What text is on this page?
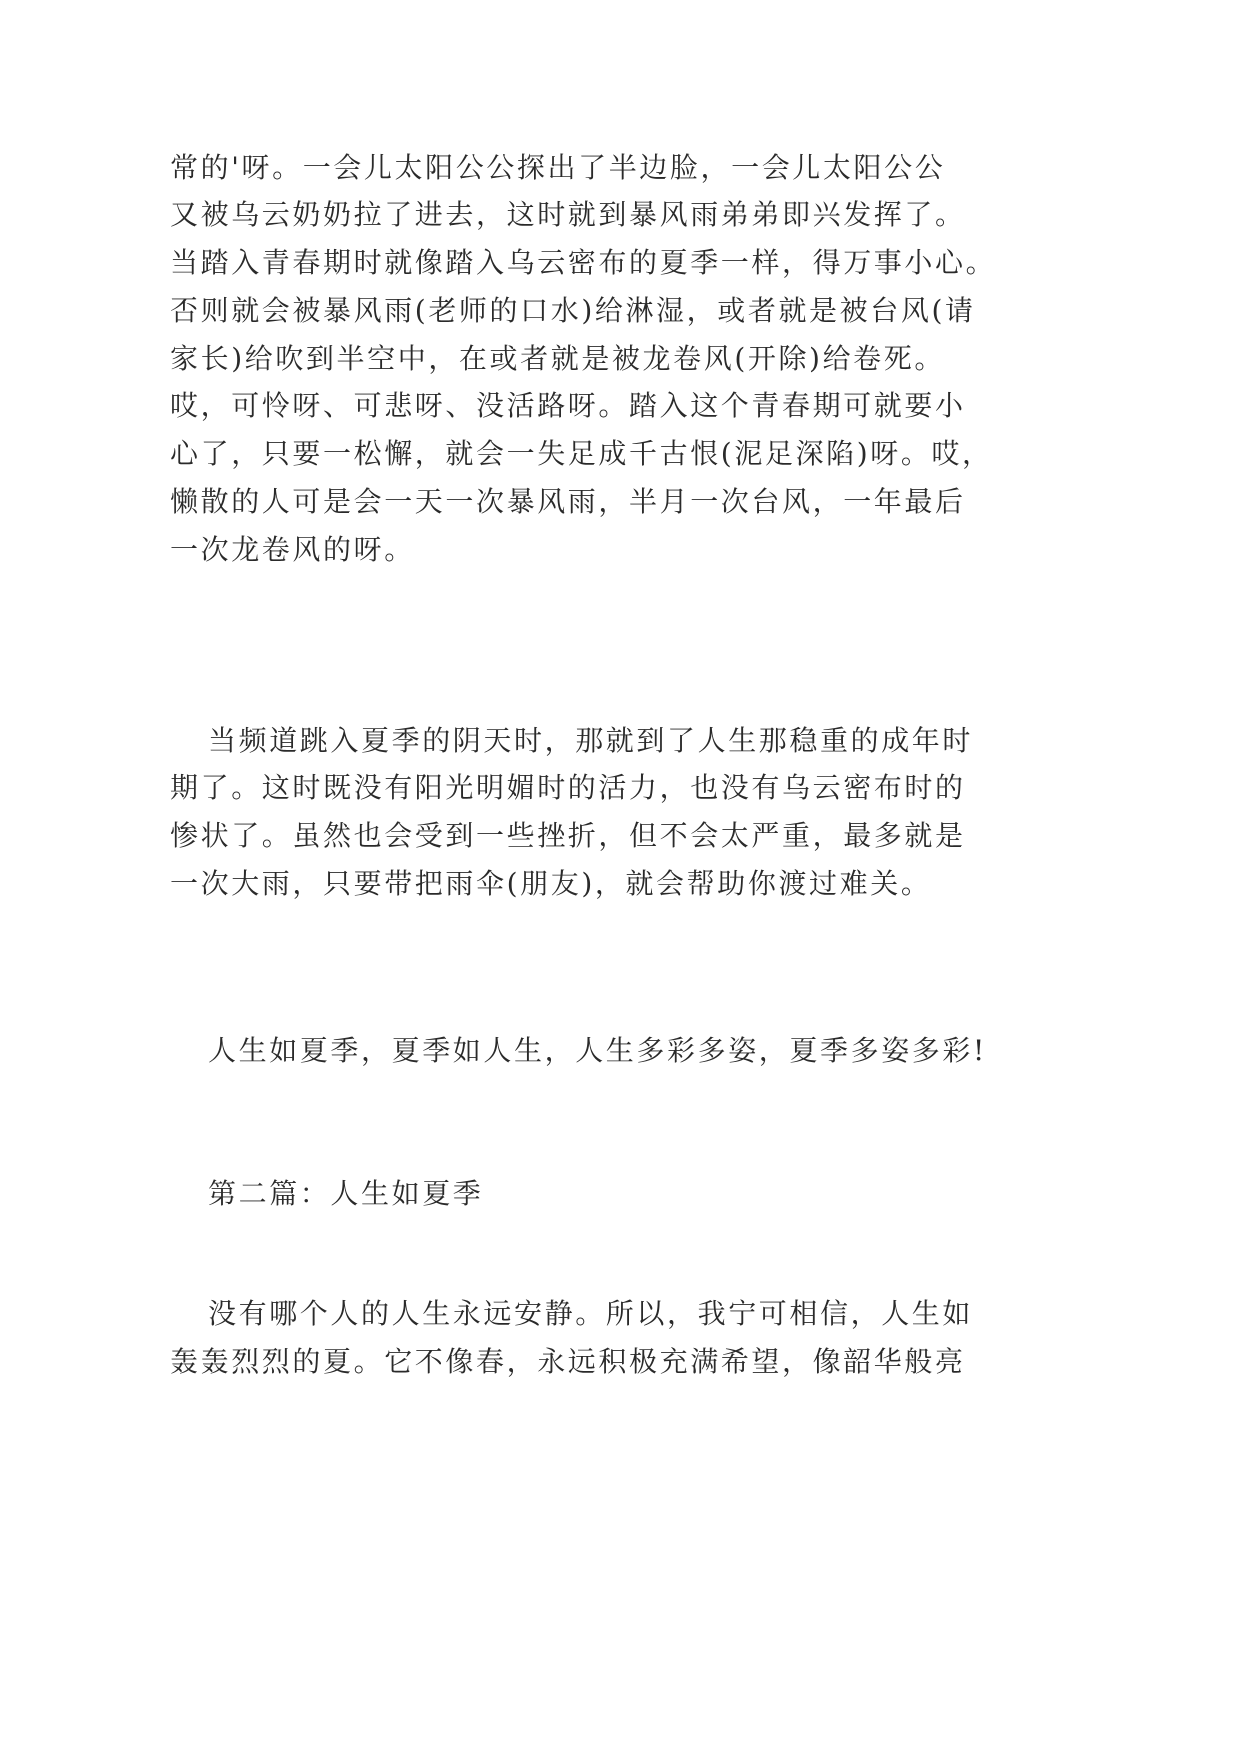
常的'呀。一会儿太阳公公探出了半边脸，一会儿太阳公公
又被乌云奶奶拉了进去，这时就到暴风雨弟弟即兴发挥了。
当踏入青春期时就像踏入乌云密布的夏季一样，得万事小心。
否则就会被暴风雨(老师的口水)给淋湿，或者就是被台风(请
家长)给吹到半空中，在或者就是被龙卷风(开除)给卷死。
哎，可怜呀、可悲呀、没活路呀。踏入这个青春期可就要小
心了，只要一松懈，就会一失足成千古恨(泥足深陷)呀。哎，
懒散的人可是会一天一次暴风雨，半月一次台风，一年最后
一次龙卷风的呀。
当频道跳入夏季的阴天时，那就到了人生那稳重的成年时
期了。这时既没有阳光明媚时的活力，也没有乌云密布时的
惨状了。虽然也会受到一些挫折，但不会太严重，最多就是
一次大雨，只要带把雨伞(朋友)，就会帮助你渡过难关。
人生如夏季，夏季如人生，人生多彩多姿，夏季多姿多彩!
第二篇：人生如夏季
没有哪个人的人生永远安静。所以，我宁可相信，人生如
轰轰烈烈的夏。它不像春，永远积极充满希望，像韶华般亮
